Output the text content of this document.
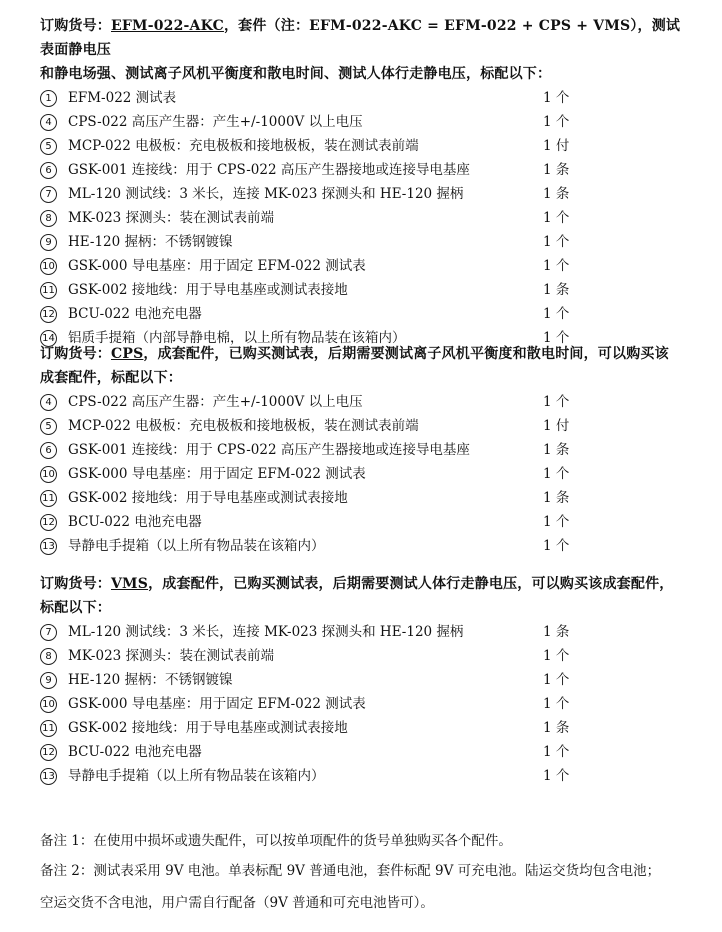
订购货号：EFM-022-AKC，套件（注：EFM-022-AKC = EFM-022 + CPS + VMS），测试表面静电压
和静电场强、测试离子风机平衡度和散电时间、测试人体行走静电压，标配以下：
1	EFM-022 测试表	1 个
4	CPS-022 高压产生器：产生+/-1000V 以上电压	1 个
5	MCP-022 电极板：充电极板和接地极板，装在测试表前端	1 付
6	GSK-001 连接线：用于 CPS-022 高压产生器接地或连接导电基座	1 条
7	ML-120 测试线：3 米长，连接 MK-023 探测头和 HE-120 握柄	1 条
8	MK-023 探测头：装在测试表前端	1 个
9	HE-120 握柄：不锈钢镀镍	1 个
10 GSK-000 导电基座：用于固定 EFM-022 测试表	1 个
11 GSK-002 接地线：用于导电基座或测试表接地	1 条
12 BCU-022 电池充电器	1 个
14 铝质手提箱（内部导静电棉，以上所有物品装在该箱内）	1 个
订购货号：CPS，成套配件，已购买测试表，后期需要测试离子风机平衡度和散电时间，可以购买该
成套配件，标配以下：
4	CPS-022 高压产生器：产生+/-1000V 以上电压	1 个
5	MCP-022 电极板：充电极板和接地极板，装在测试表前端	1 付
6	GSK-001 连接线：用于 CPS-022 高压产生器接地或连接导电基座	1 条
10 GSK-000 导电基座：用于固定 EFM-022 测试表	1 个
11 GSK-002 接地线：用于导电基座或测试表接地	1 条
12 BCU-022 电池充电器	1 个
13 导静电手提箱（以上所有物品装在该箱内）	1 个
订购货号：VMS，成套配件，已购买测试表，后期需要测试人体行走静电压，可以购买该成套配件，
标配以下：
7	ML-120 测试线：3 米长，连接 MK-023 探测头和 HE-120 握柄	1 条
8	MK-023 探测头：装在测试表前端	1 个
9	HE-120 握柄：不锈钢镀镍	1 个
10 GSK-000 导电基座：用于固定 EFM-022 测试表	1 个
11 GSK-002 接地线：用于导电基座或测试表接地	1 条
12 BCU-022 电池充电器	1 个
13 导静电手提箱（以上所有物品装在该箱内）	1 个
备注 1：在使用中损坏或遗失配件，可以按单项配件的货号单独购买各个配件。
备注 2：测试表采用 9V 电池。单表标配 9V 普通电池，套件标配 9V 可充电池。陆运交货均包含电池；
空运交货不含电池，用户需自行配备（9V 普通和可充电池皆可）。
